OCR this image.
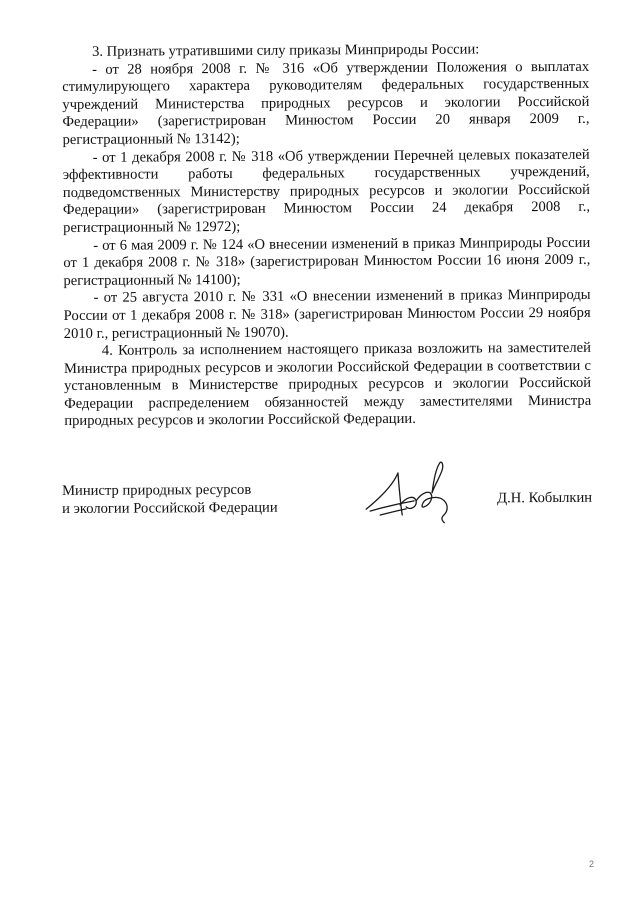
3. Признать утратившими силу приказы Минприроды России:

- от 28 ноября 2008 г. № 316 «Об утверждении Положения о выплатах стимулирующего характера руководителям федеральных государственных учреждений Министерства природных ресурсов и экологии Российской Федерации» (зарегистрирован Минюстом России 20 января 2009 г., регистрационный № 13142);

- от 1 декабря 2008 г. № 318 «Об утверждении Перечней целевых показателей эффективности работы федеральных государственных учреждений, подведомственных Министерству природных ресурсов и экологии Российской Федерации» (зарегистрирован Минюстом России 24 декабря 2008 г., регистрационный № 12972);

- от 6 мая 2009 г. № 124 «О внесении изменений в приказ Минприроды России от 1 декабря 2008 г. № 318» (зарегистрирован Минюстом России 16 июня 2009 г., регистрационный № 14100);

- от 25 августа 2010 г. № 331 «О внесении изменений в приказ Минприроды России от 1 декабря 2008 г. № 318» (зарегистрирован Минюстом России 29 ноября 2010 г., регистрационный № 19070).

4. Контроль за исполнением настоящего приказа возложить на заместителей Министра природных ресурсов и экологии Российской Федерации в соответствии с установленным в Министерстве природных ресурсов и экологии Российской Федерации распределением обязанностей между заместителями Министра природных ресурсов и экологии Российской Федерации.

Министр природных ресурсов
и экологии Российской Федерации
Д.Н. Кобылкин
2
